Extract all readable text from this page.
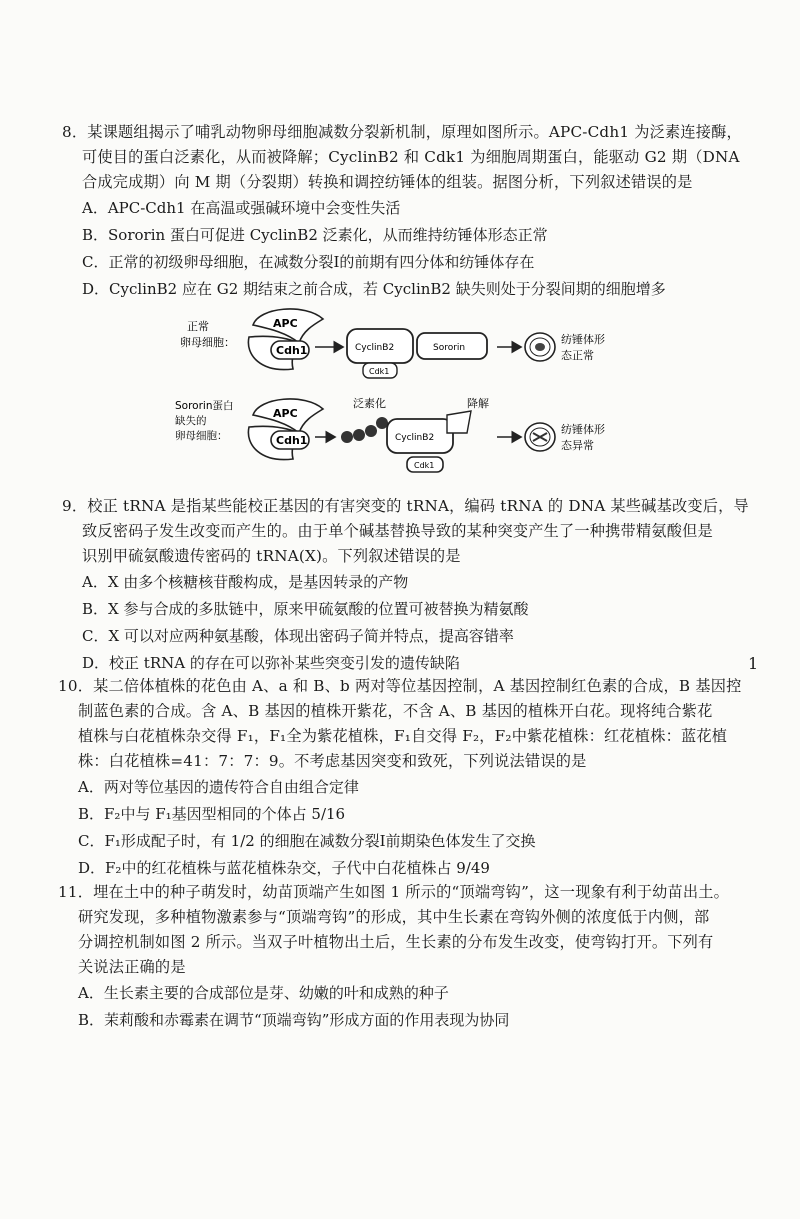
8．某课题组揭示了哺乳动物卵母细胞减数分裂新机制，原理如图所示。APC-Cdh1 为泛素连接酶，
可使目的蛋白泛素化，从而被降解；CyclinB2 和 Cdk1 为细胞周期蛋白，能驱动 G2 期（DNA
合成完成期）向 M 期（分裂期）转换和调控纺锤体的组装。据图分析，下列叙述错误的是
A．APC-Cdh1 在高温或强碱环境中会变性失活
B．Sororin 蛋白可促进 CyclinB2 泛素化，从而维持纺锤体形态正常
C．正常的初级卵母细胞，在减数分裂Ⅰ的前期有四分体和纺锤体存在
D．CyclinB2 应在 G2 期结束之前合成，若 CyclinB2 缺失则处于分裂间期的细胞增多
正常
卵母细胞：
APC
Cdh1	CyclinB2	Sororin
Cdk1
纺锤体形
态正常
Sororin蛋白
缺失的
卵母细胞：
APC
Cdh1
泛素化
CyclinB2
降解
Cdk1
纺锤体形
态异常
9．校正 tRNA 是指某些能校正基因的有害突变的 tRNA，编码 tRNA 的 DNA 某些碱基改变后，导
致反密码子发生改变而产生的。由于单个碱基替换导致的某种突变产生了一种携带精氨酸但是
识别甲硫氨酸遗传密码的 tRNA(X)。下列叙述错误的是
A．X 由多个核糖核苷酸构成，是基因转录的产物
B．X 参与合成的多肽链中，原来甲硫氨酸的位置可被替换为精氨酸
C．X 可以对应两种氨基酸，体现出密码子简并特点，提高容错率
D．校正 tRNA 的存在可以弥补某些突变引发的遗传缺陷	1
10．某二倍体植株的花色由 A、a 和 B、b 两对等位基因控制，A 基因控制红色素的合成，B 基因控
制蓝色素的合成。含 A、B 基因的植株开紫花，不含 A、B 基因的植株开白花。现将纯合紫花
植株与白花植株杂交得 F₁，F₁全为紫花植株，F₁自交得 F₂，F₂中紫花植株：红花植株：蓝花植
株：白花植株=41：7：7：9。不考虑基因突变和致死，下列说法错误的是
A．两对等位基因的遗传符合自由组合定律
B．F₂中与 F₁基因型相同的个体占 5/16
C．F₁形成配子时，有 1/2 的细胞在减数分裂Ⅰ前期染色体发生了交换
D．F₂中的红花植株与蓝花植株杂交，子代中白花植株占 9/49
11．埋在土中的种子萌发时，幼苗顶端产生如图 1 所示的“顶端弯钩”，这一现象有利于幼苗出土。
研究发现，多种植物激素参与“顶端弯钩”的形成，其中生长素在弯钩外侧的浓度低于内侧，部
分调控机制如图 2 所示。当双子叶植物出土后，生长素的分布发生改变，使弯钩打开。下列有
关说法正确的是
A．生长素主要的合成部位是芽、幼嫩的叶和成熟的种子
B．茉莉酸和赤霉素在调节“顶端弯钩”形成方面的作用表现为协同
